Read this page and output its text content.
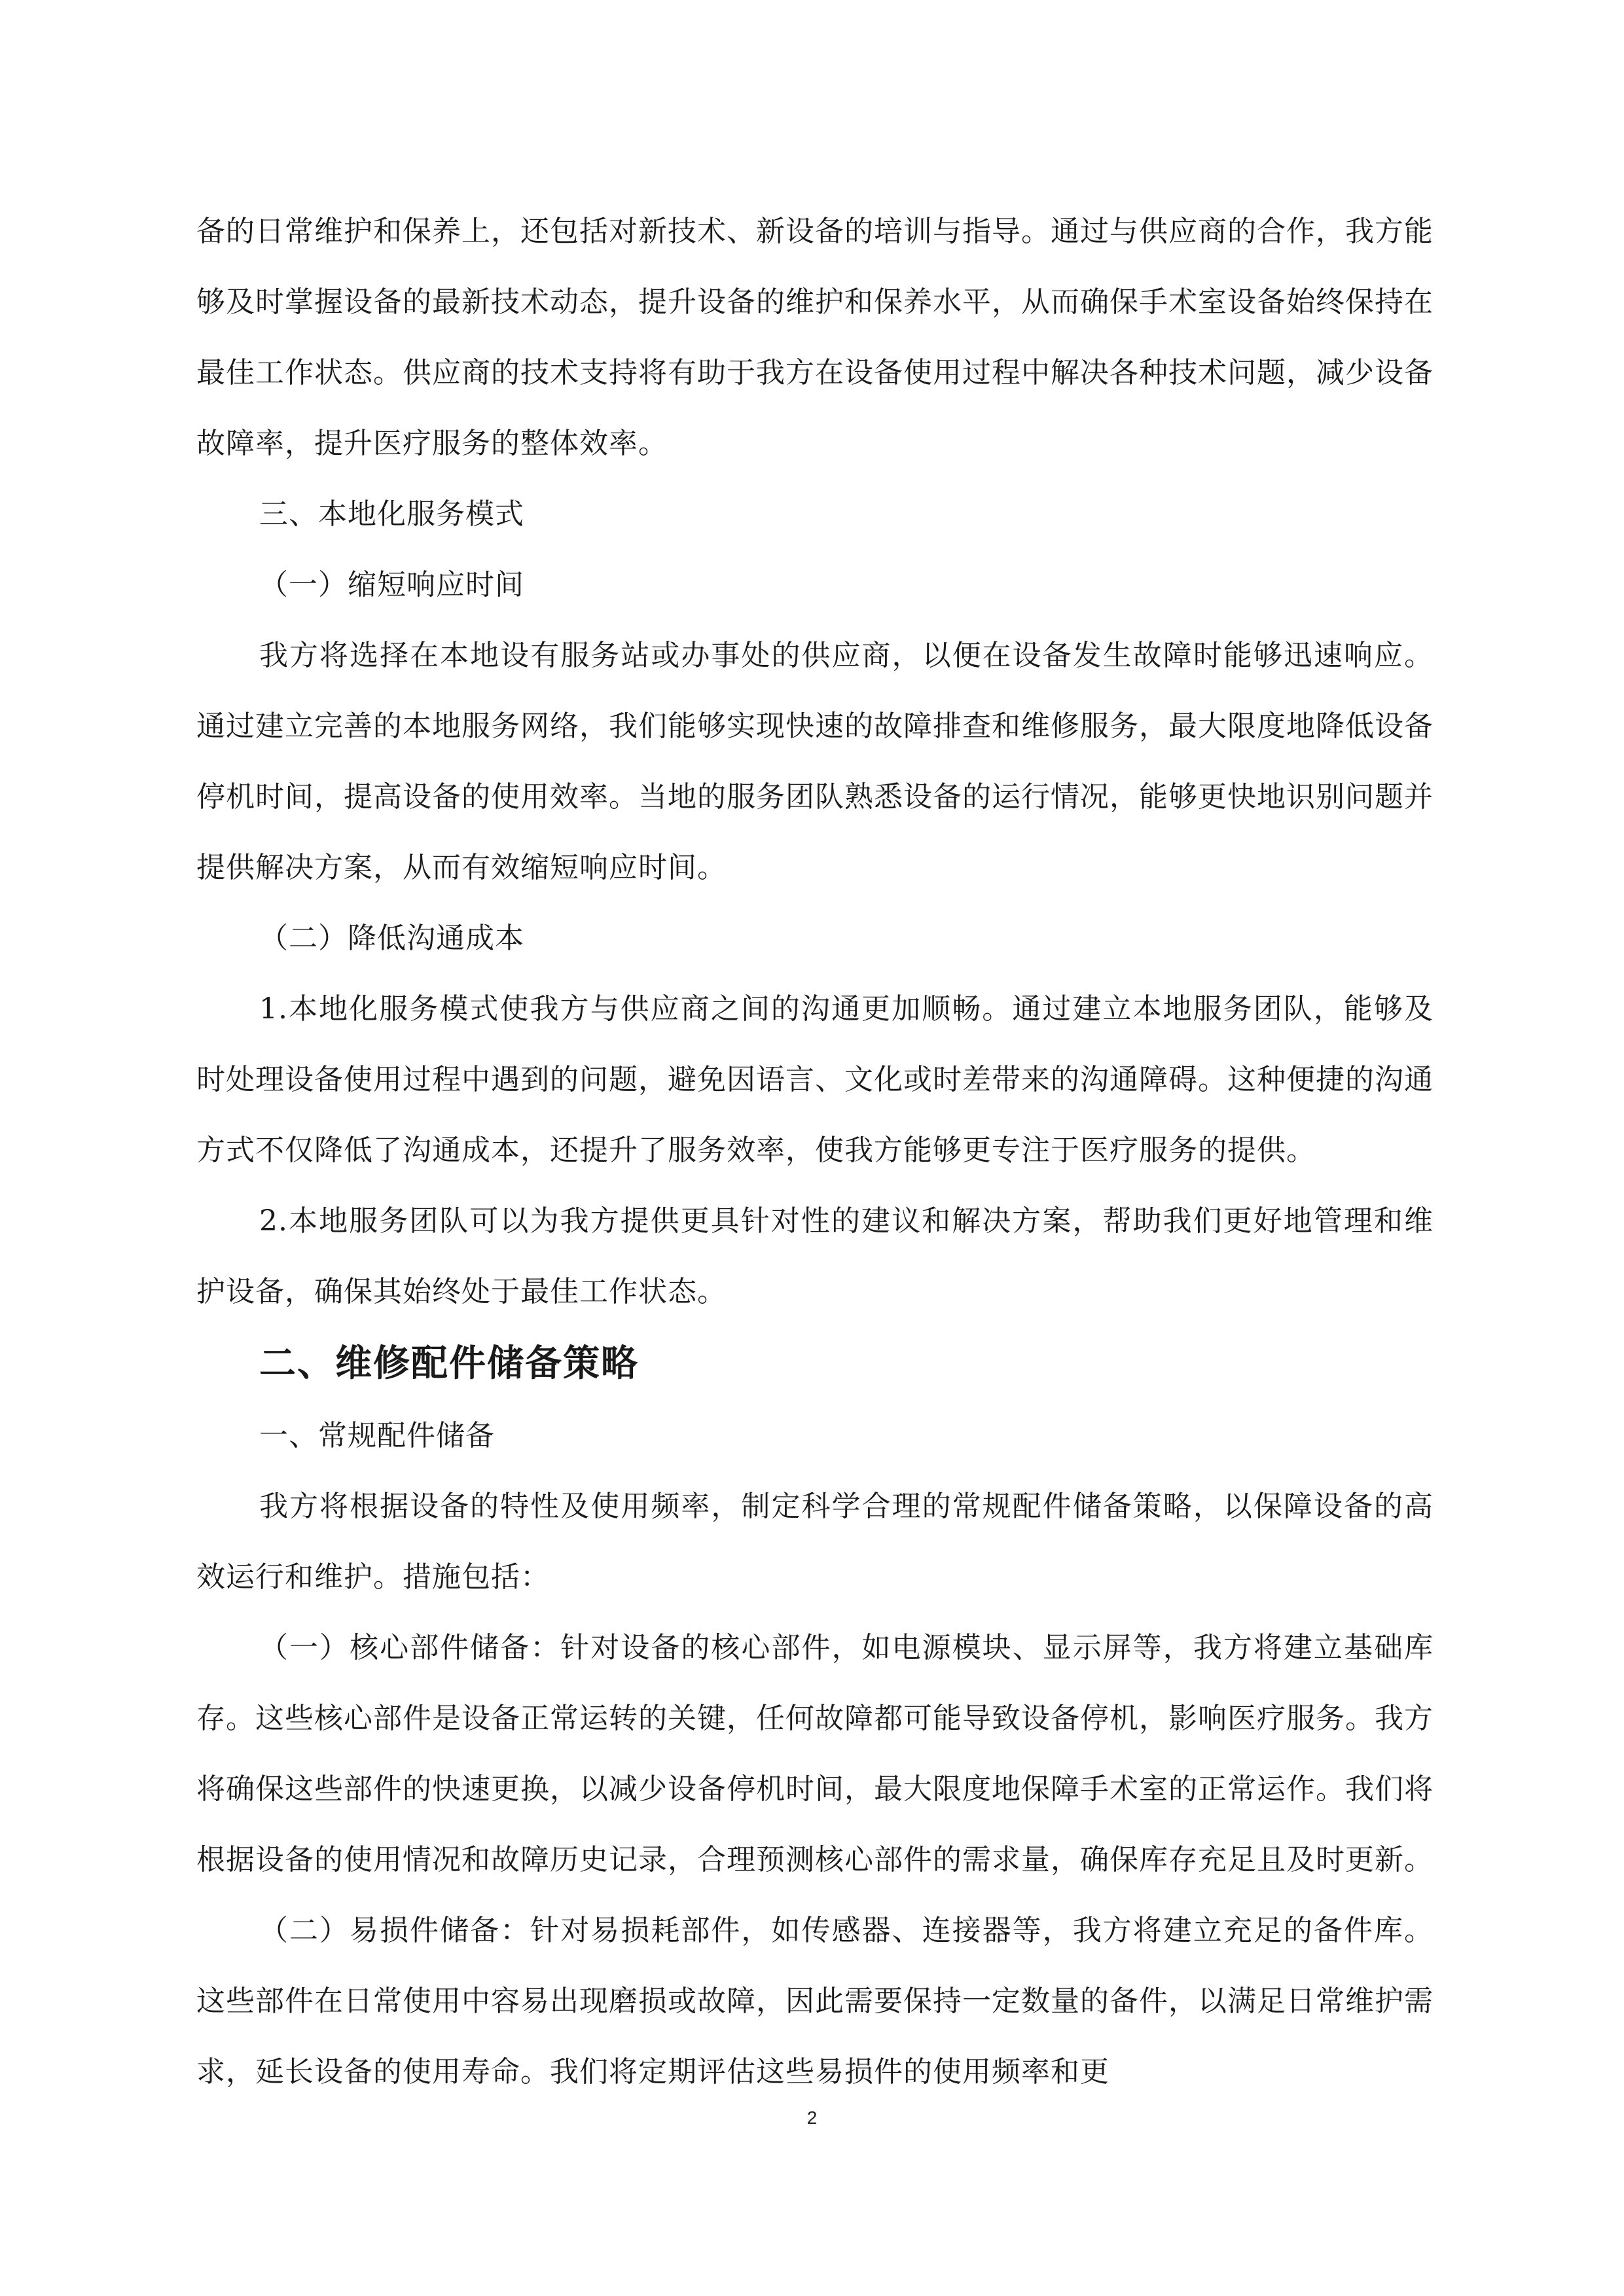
备的日常维护和保养上，还包括对新技术、新设备的培训与指导。通过与供应商的合作，我方能够及时掌握设备的最新技术动态，提升设备的维护和保养水平，从而确保手术室设备始终保持在最佳工作状态。供应商的技术支持将有助于我方在设备使用过程中解决各种技术问题，减少设备故障率，提升医疗服务的整体效率。

三、本地化服务模式

（一）缩短响应时间

我方将选择在本地设有服务站或办事处的供应商，以便在设备发生故障时能够迅速响应。通过建立完善的本地服务网络，我们能够实现快速的故障排查和维修服务，最大限度地降低设备停机时间，提高设备的使用效率。当地的服务团队熟悉设备的运行情况，能够更快地识别问题并提供解决方案，从而有效缩短响应时间。

（二）降低沟通成本

1.本地化服务模式使我方与供应商之间的沟通更加顺畅。通过建立本地服务团队，能够及时处理设备使用过程中遇到的问题，避免因语言、文化或时差带来的沟通障碍。这种便捷的沟通方式不仅降低了沟通成本，还提升了服务效率，使我方能够更专注于医疗服务的提供。

2.本地服务团队可以为我方提供更具针对性的建议和解决方案，帮助我们更好地管理和维护设备，确保其始终处于最佳工作状态。

二、维修配件储备策略

一、常规配件储备

我方将根据设备的特性及使用频率，制定科学合理的常规配件储备策略，以保障设备的高效运行和维护。措施包括：

（一）核心部件储备：针对设备的核心部件，如电源模块、显示屏等，我方将建立基础库存。这些核心部件是设备正常运转的关键，任何故障都可能导致设备停机，影响医疗服务。我方将确保这些部件的快速更换，以减少设备停机时间，最大限度地保障手术室的正常运作。我们将根据设备的使用情况和故障历史记录，合理预测核心部件的需求量，确保库存充足且及时更新。

（二）易损件储备：针对易损耗部件，如传感器、连接器等，我方将建立充足的备件库。这些部件在日常使用中容易出现磨损或故障，因此需要保持一定数量的备件，以满足日常维护需求，延长设备的使用寿命。我们将定期评估这些易损件的使用频率和更

2
